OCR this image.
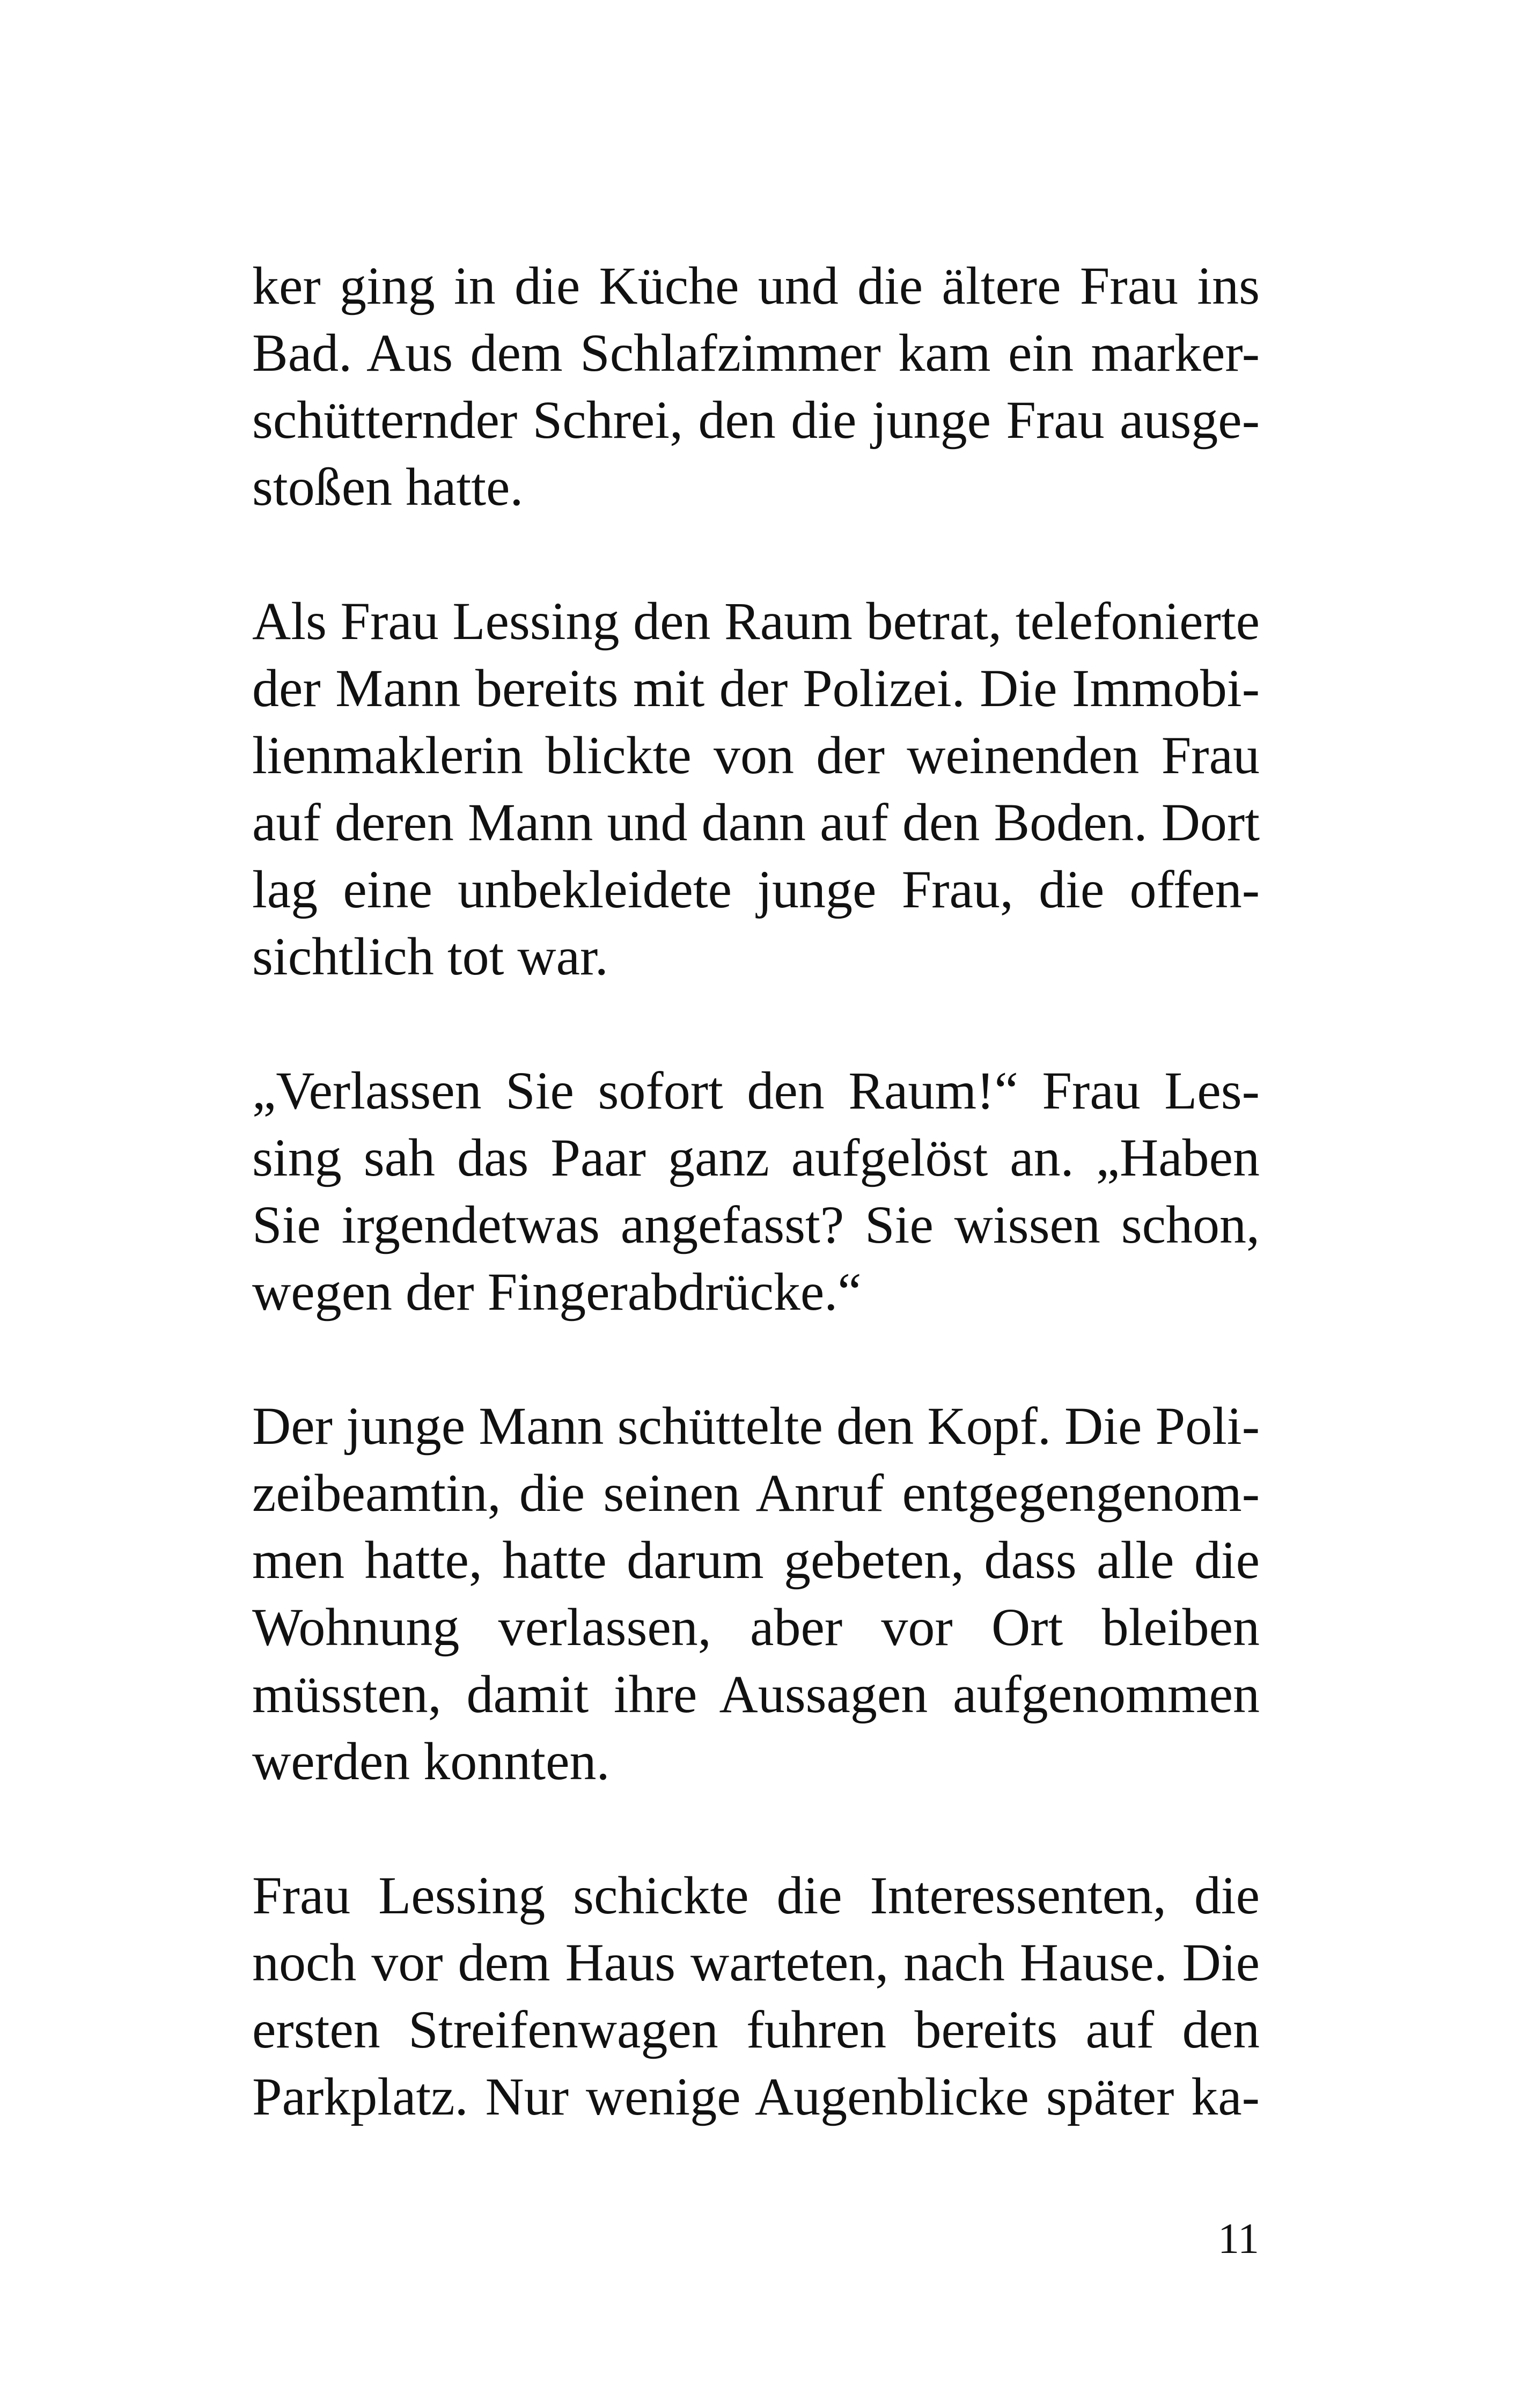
ker ging in die Küche und die ältere Frau ins
Bad. Aus dem Schlafzimmer kam ein marker-
schütternder Schrei, den die junge Frau ausge-
stoßen hatte.

Als Frau Lessing den Raum betrat, telefonierte
der Mann bereits mit der Polizei. Die Immobi-
lienmaklerin blickte von der weinenden Frau
auf deren Mann und dann auf den Boden. Dort
lag eine unbekleidete junge Frau, die offen-
sichtlich tot war.

„Verlassen Sie sofort den Raum!“ Frau Les-
sing sah das Paar ganz aufgelöst an. „Haben
Sie irgendetwas angefasst? Sie wissen schon,
wegen der Fingerabdrücke.“

Der junge Mann schüttelte den Kopf. Die Poli-
zeibeamtin, die seinen Anruf entgegengenom-
men hatte, hatte darum gebeten, dass alle die
Wohnung verlassen, aber vor Ort bleiben
müssten, damit ihre Aussagen aufgenommen
werden konnten.

Frau Lessing schickte die Interessenten, die
noch vor dem Haus warteten, nach Hause. Die
ersten Streifenwagen fuhren bereits auf den
Parkplatz. Nur wenige Augenblicke später ka-

11
